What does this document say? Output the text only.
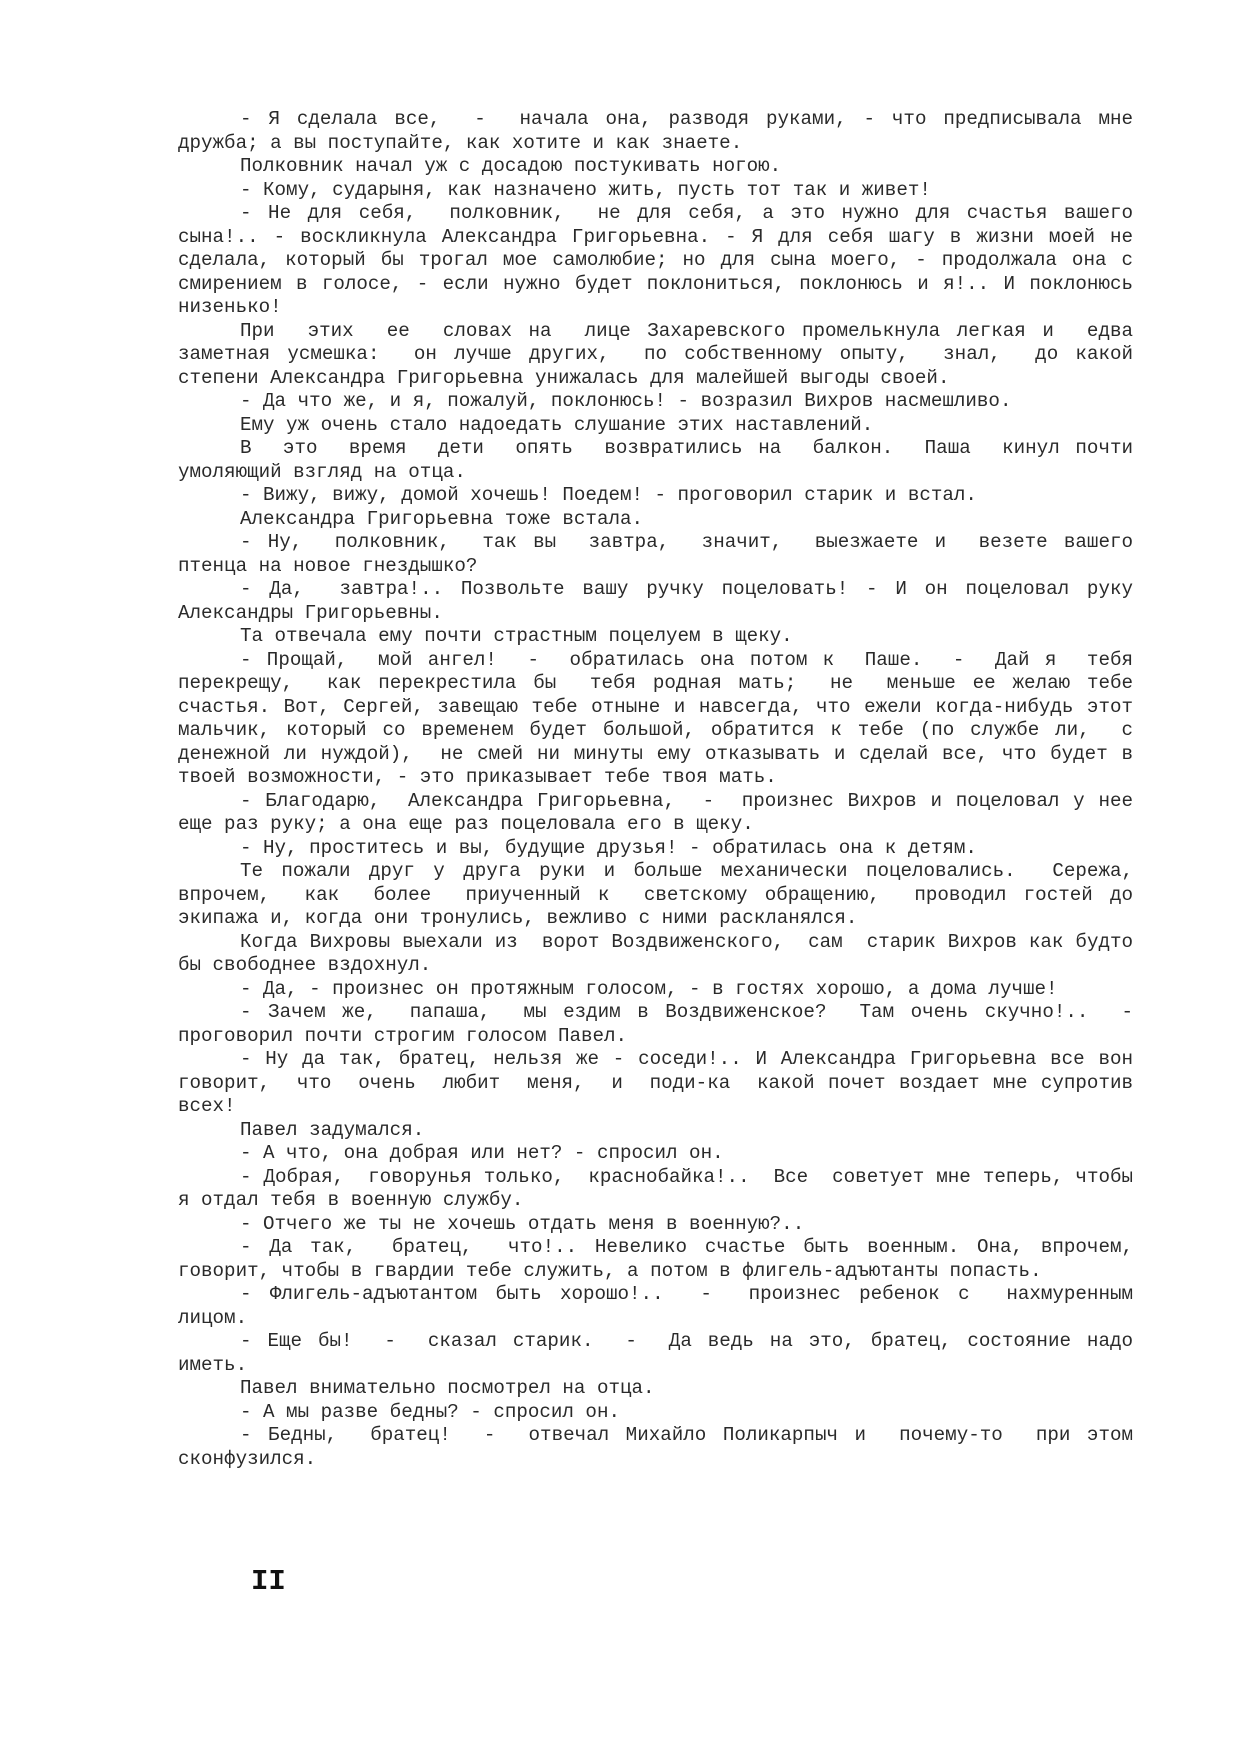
- Я сделала все,  -  начала она, разводя руками, - что предписывала мне дружба; а вы поступайте, как хотите и как знаете.

Полковник начал уж с досадою постукивать ногою.

- Кому, сударыня, как назначено жить, пусть тот так и живет!

- Не для себя,  полковник,  не для себя, а это нужно для счастья вашего сына!.. - воскликнула Александра Григорьевна. - Я для себя шагу в жизни моей не сделала, который бы трогал мое самолюбие; но для сына моего, - продолжала она с смирением в голосе, - если нужно будет поклониться, поклонюсь и я!.. И поклонюсь низенько!

При  этих  ее  словах на  лице Захаревского промелькнула легкая и  едва заметная усмешка:  он лучше других,  по собственному опыту,  знал,  до какой степени Александра Григорьевна унижалась для малейшей выгоды своей.

- Да что же, и я, пожалуй, поклонюсь! - возразил Вихров насмешливо.

Ему уж очень стало надоедать слушание этих наставлений.

В  это  время  дети  опять  возвратились на  балкон.  Паша  кинул почти умоляющий взгляд на отца.

- Вижу, вижу, домой хочешь! Поедем! - проговорил старик и встал.

Александра Григорьевна тоже встала.

- Ну,  полковник,  так вы  завтра,  значит,  выезжаете и  везете вашего птенца на новое гнездышко?

- Да,  завтра!.. Позвольте вашу ручку поцеловать! - И он поцеловал руку Александры Григорьевны.

Та отвечала ему почти страстным поцелуем в щеку.

- Прощай,  мой ангел!  -  обратилась она потом к  Паше.  -  Дай я  тебя перекрещу,  как перекрестила бы  тебя родная мать;  не  меньше ее желаю тебе счастья. Вот, Сергей, завещаю тебе отныне и навсегда, что ежели когда-нибудь этот мальчик, который со временем будет большой, обратится к тебе (по службе ли,  с  денежной ли нуждой),  не смей ни минуты ему отказывать и сделай все, что будет в твоей возможности, - это приказывает тебе твоя мать.

- Благодарю,  Александра Григорьевна,  -  произнес Вихров и поцеловал у нее еще раз руку; а она еще раз поцеловала его в щеку.

- Ну, проститесь и вы, будущие друзья! - обратилась она к детям.

Те пожали друг у друга руки и больше механически поцеловались.  Сережа, впрочем,  как  более  приученный к  светскому обращению,  проводил гостей до экипажа и, когда они тронулись, вежливо с ними раскланялся.

Когда Вихровы выехали из  ворот Воздвиженского,  сам  старик Вихров как будто бы свободнее вздохнул.

- Да, - произнес он протяжным голосом, - в гостях хорошо, а дома лучше!

- Зачем же,  папаша,  мы ездим в Воздвиженское?  Там очень скучно!..  - проговорил почти строгим голосом Павел.

- Ну да так, братец, нельзя же - соседи!.. И Александра Григорьевна все вон  говорит,  что  очень  любит  меня,  и  поди-ка  какой почет воздает мне супротив всех!

Павел задумался.

- А что, она добрая или нет? - спросил он.

- Добрая,  говорунья только,  краснобайка!..  Все  советует мне теперь, чтобы я отдал тебя в военную службу.

- Отчего же ты не хочешь отдать меня в военную?..

- Да так,  братец,  что!.. Невелико счастье быть военным. Она, впрочем, говорит, чтобы в гвардии тебе служить, а потом в флигель-адъютанты попасть.

- Флигель-адъютантом быть хорошо!..  -  произнес ребенок с  нахмуренным лицом.

- Еще бы!  -  сказал старик.  -  Да ведь на это, братец, состояние надо иметь.

Павел внимательно посмотрел на отца.

- А мы разве бедны? - спросил он.

- Бедны,  братец!  -  отвечал Михайло Поликарпыч и  почему-то  при этом сконфузился.

II
